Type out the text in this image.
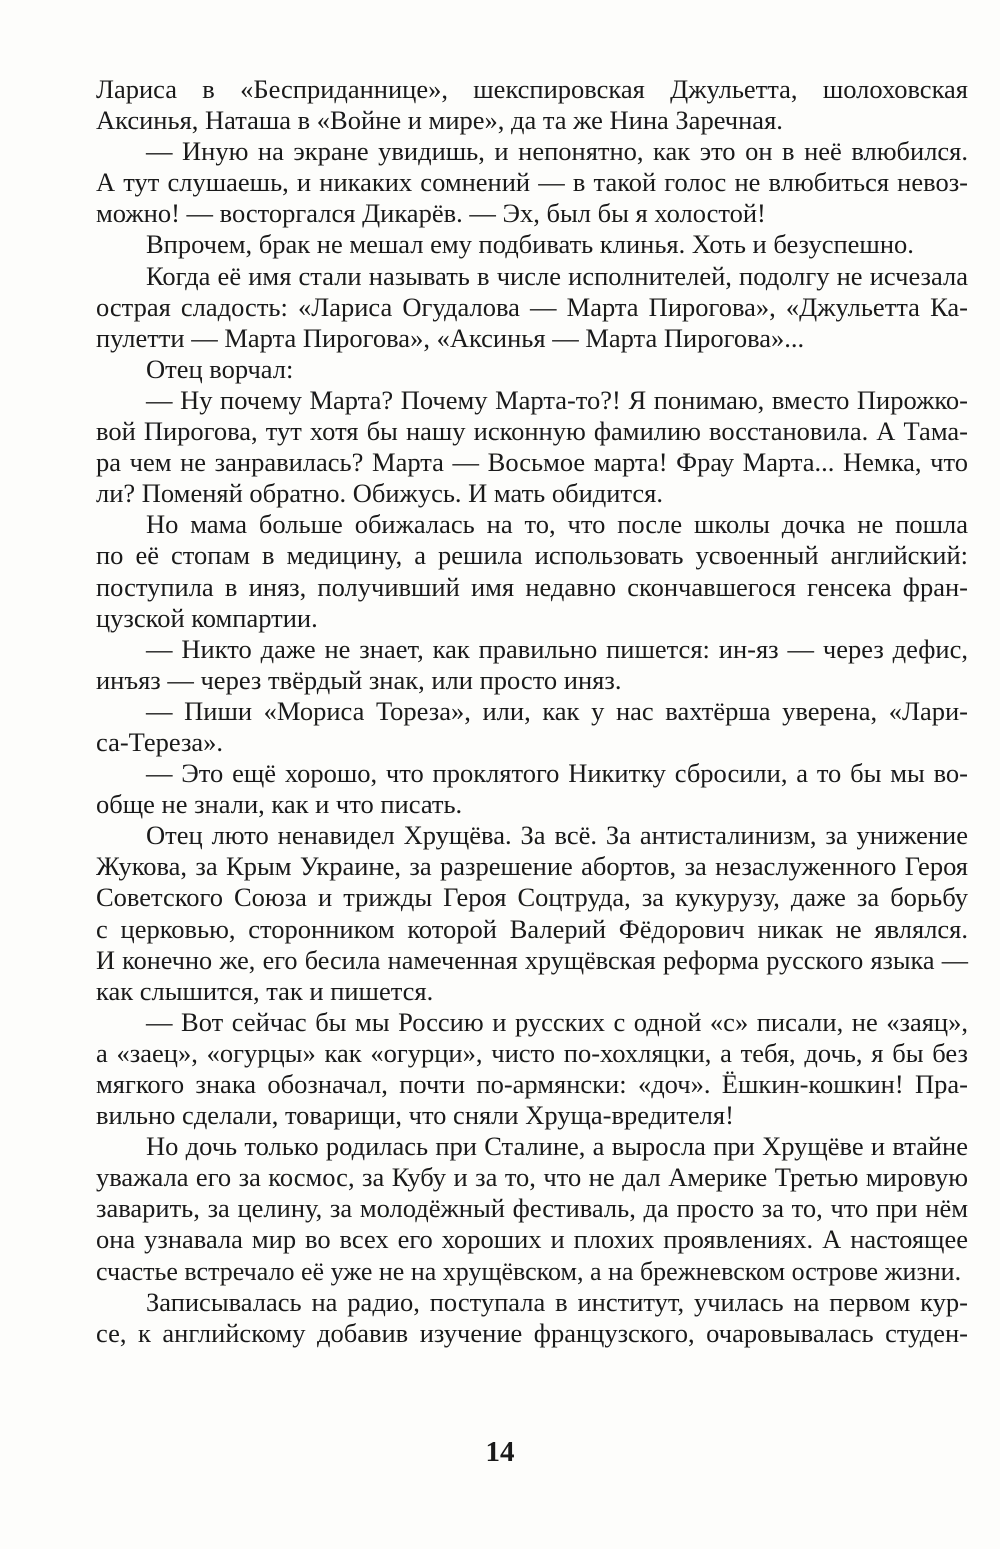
Лариса в «Бесприданнице», шекспировская Джульетта, шолоховская
Аксинья, Наташа в «Войне и мире», да та же Нина Заречная.
— Иную на экране увидишь, и непонятно, как это он в неё влюбился.
А тут слушаешь, и никаких сомнений — в такой голос не влюбиться невоз-
можно! — восторгался Дикарёв. — Эх, был бы я холостой!
Впрочем, брак не мешал ему подбивать клинья. Хоть и безуспешно.
Когда её имя стали называть в числе исполнителей, подолгу не исчезала
острая сладость: «Лариса Огудалова — Марта Пирогова», «Джульетта Ка-
пулетти — Марта Пирогова», «Аксинья — Марта Пирогова»...
Отец ворчал:
— Ну почему Марта? Почему Марта-то?! Я понимаю, вместо Пирожко-
вой Пирогова, тут хотя бы нашу исконную фамилию восстановила. А Тама-
ра чем не занравилась? Марта — Восьмое марта! Фрау Марта... Немка, что
ли? Поменяй обратно. Обижусь. И мать обидится.
Но мама больше обижалась на то, что после школы дочка не пошла
по её стопам в медицину, а решила использовать усвоенный английский:
поступила в иняз, получивший имя недавно скончавшегося генсека фран-
цузской компартии.
— Никто даже не знает, как правильно пишется: ин-яз — через дефис,
инъяз — через твёрдый знак, или просто иняз.
— Пиши «Мориса Тореза», или, как у нас вахтёрша уверена, «Лари-
са-Тереза».
— Это ещё хорошо, что проклятого Никитку сбросили, а то бы мы во-
обще не знали, как и что писать.
Отец люто ненавидел Хрущёва. За всё. За антисталинизм, за унижение
Жукова, за Крым Украине, за разрешение абортов, за незаслуженного Героя
Советского Союза и трижды Героя Соцтруда, за кукурузу, даже за борьбу
с церковью, сторонником которой Валерий Фёдорович никак не являлся.
И конечно же, его бесила намеченная хрущёвская реформа русского языка —
как слышится, так и пишется.
— Вот сейчас бы мы Россию и русских с одной «с» писали, не «заяц»,
а «заец», «огурцы» как «огурци», чисто по-хохляцки, а тебя, дочь, я бы без
мягкого знака обозначал, почти по-армянски: «доч». Ёшкин-кошкин! Пра-
вильно сделали, товарищи, что сняли Хруща-вредителя!
Но дочь только родилась при Сталине, а выросла при Хрущёве и втайне
уважала его за космос, за Кубу и за то, что не дал Америке Третью мировую
заварить, за целину, за молодёжный фестиваль, да просто за то, что при нём
она узнавала мир во всех его хороших и плохих проявлениях. А настоящее
счастье встречало её уже не на хрущёвском, а на брежневском острове жизни.
Записывалась на радио, поступала в институт, училась на первом кур-
се, к английскому добавив изучение французского, очаровывалась студен-
14
